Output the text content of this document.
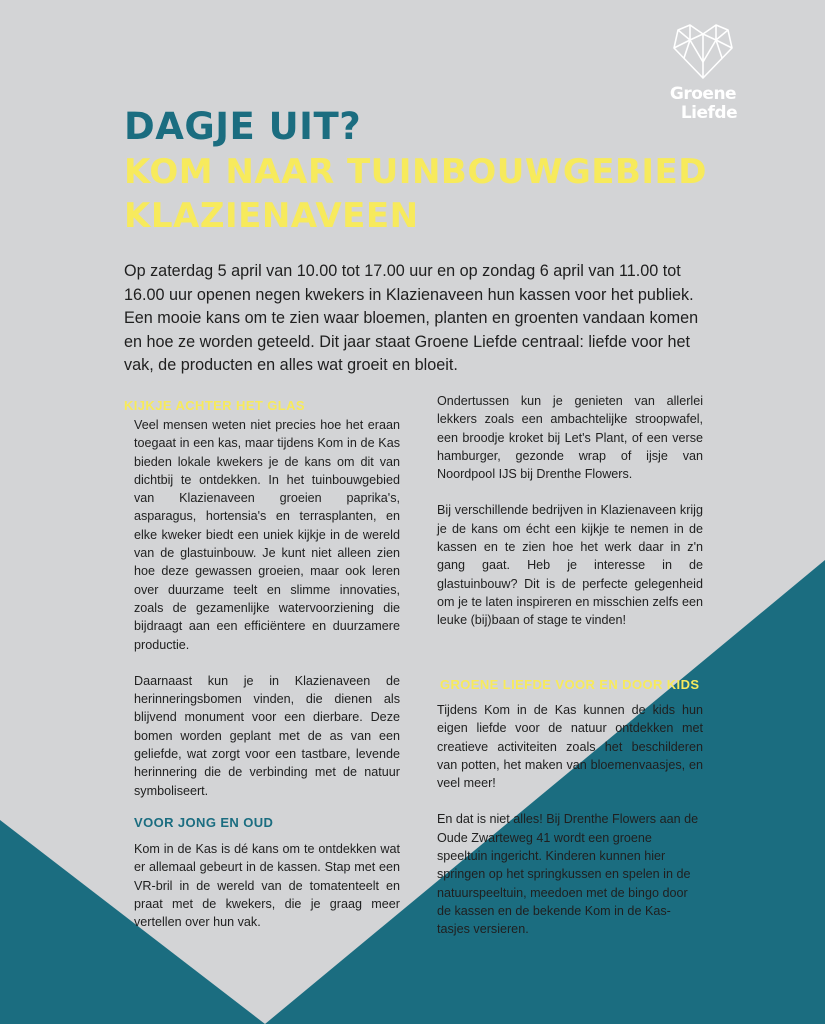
Groene
Liefde
DAGJE UIT?
KOM NAAR TUINBOUWGEBIED
KLAZIENAVEEN

Op zaterdag 5 april van 10.00 tot 17.00 uur en op zondag 6 april van 11.00 tot 16.00 uur openen negen kwekers in Klazienaveen hun kassen voor het publiek. Een mooie kans om te zien waar bloemen, planten en groenten vandaan komen en hoe ze worden geteeld. Dit jaar staat Groene Liefde centraal: liefde voor het vak, de producten en alles wat groeit en bloeit.

KIJKJE ACHTER HET GLAS

Veel mensen weten niet precies hoe het eraan toegaat in een kas, maar tijdens Kom in de Kas bieden lokale kwekers je de kans om dit van dichtbij te ontdekken. In het tuinbouwgebied van Klazienaveen groeien paprika's, asparagus, hortensia's en terrasplanten, en elke kweker biedt een uniek kijkje in de wereld van de glastuinbouw. Je kunt niet alleen zien hoe deze gewassen groeien, maar ook leren over duurzame teelt en slimme innovaties, zoals de gezamenlijke watervoorziening die bijdraagt aan een efficiëntere en duurzamere productie.

Daarnaast kun je in Klazienaveen de herinneringsbomen vinden, die dienen als blijvend monument voor een dierbare. Deze bomen worden geplant met de as van een geliefde, wat zorgt voor een tastbare, levende herinnering die de verbinding met de natuur symboliseert.

VOOR JONG EN OUD

Kom in de Kas is dé kans om te ontdekken wat er allemaal gebeurt in de kassen. Stap met een VR-bril in de wereld van de tomatenteelt en praat met de kwekers, die je graag meer vertellen over hun vak.

Ondertussen kun je genieten van allerlei lekkers zoals een ambachtelijke stroopwafel, een broodje kroket bij Let's Plant, of een verse hamburger, gezonde wrap of ijsje van Noordpool IJS bij Drenthe Flowers.

Bij verschillende bedrijven in Klazienaveen krijg je de kans om écht een kijkje te nemen in de kassen en te zien hoe het werk daar in z'n gang gaat. Heb je interesse in de glastuinbouw? Dit is de perfecte gelegenheid om je te laten inspireren en misschien zelfs een leuke (bij)baan of stage te vinden!

GROENE LIEFDE VOOR EN DOOR KIDS

Tijdens Kom in de Kas kunnen de kids hun eigen liefde voor de natuur ontdekken met creatieve activiteiten zoals het beschilderen van potten, het maken van bloemenvaasjes, en veel meer!

En dat is niet alles! Bij Drenthe Flowers aan de Oude Zwarteweg 41 wordt een groene speeltuin ingericht. Kinderen kunnen hier springen op het springkussen en spelen in de natuurspeeltuin, meedoen met de bingo door de kassen en de bekende Kom in de Kas-tasjes versieren.
